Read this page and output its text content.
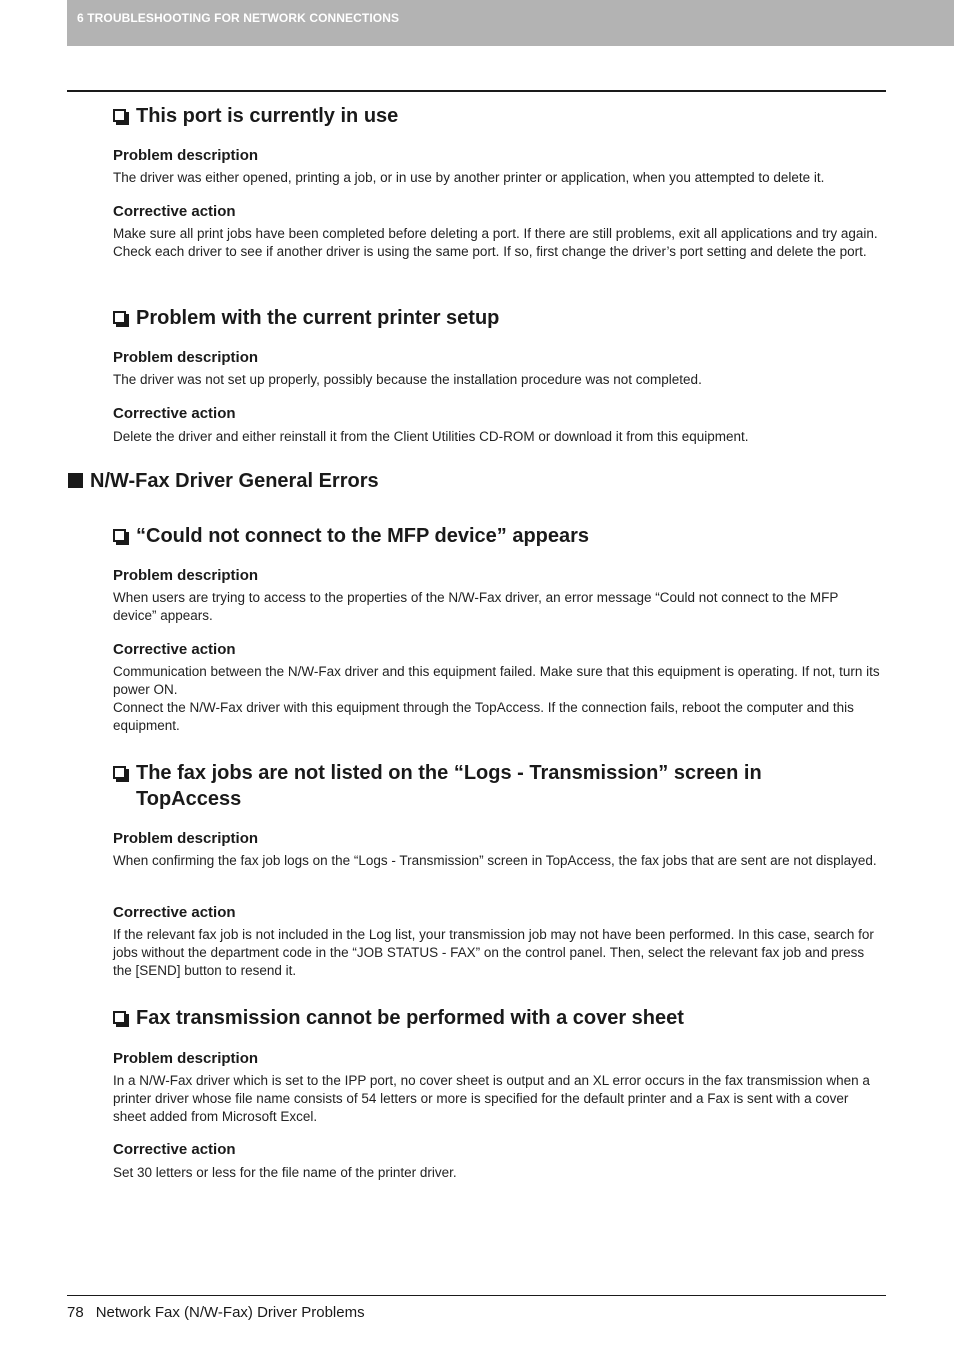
6 TROUBLESHOOTING FOR NETWORK CONNECTIONS
This port is currently in use
Problem description
The driver was either opened, printing a job, or in use by another printer or application, when you attempted to delete it.
Corrective action
Make sure all print jobs have been completed before deleting a port. If there are still problems, exit all applications and try again. Check each driver to see if another driver is using the same port. If so, first change the driver’s port setting and delete the port.
Problem with the current printer setup
Problem description
The driver was not set up properly, possibly because the installation procedure was not completed.
Corrective action
Delete the driver and either reinstall it from the Client Utilities CD-ROM or download it from this equipment.
N/W-Fax Driver General Errors
“Could not connect to the MFP device” appears
Problem description
When users are trying to access to the properties of the N/W-Fax driver, an error message “Could not connect to the MFP device” appears.
Corrective action

Communication between the N/W-Fax driver and this equipment failed. Make sure that this equipment is operating. If not, turn its power ON.

Connect the N/W-Fax driver with this equipment through the TopAccess. If the connection fails, reboot the computer and this equipment.

The fax jobs are not listed on the “Logs - Transmission” screen in TopAccess
Problem description
When confirming the fax job logs on the “Logs - Transmission” screen in TopAccess, the fax jobs that are sent are not displayed.
Corrective action
If the relevant fax job is not included in the Log list, your transmission job may not have been performed. In this case, search for jobs without the department code in the “JOB STATUS - FAX” on the control panel. Then, select the relevant fax job and press the [SEND] button to resend it.
Fax transmission cannot be performed with a cover sheet
Problem description
In a N/W-Fax driver which is set to the IPP port, no cover sheet is output and an XL error occurs in the fax transmission when a printer driver whose file name consists of 54 letters or more is specified for the default printer and a Fax is sent with a cover sheet added from Microsoft Excel.
Corrective action
Set 30 letters or less for the file name of the printer driver.
78 Network Fax (N/W-Fax) Driver Problems
